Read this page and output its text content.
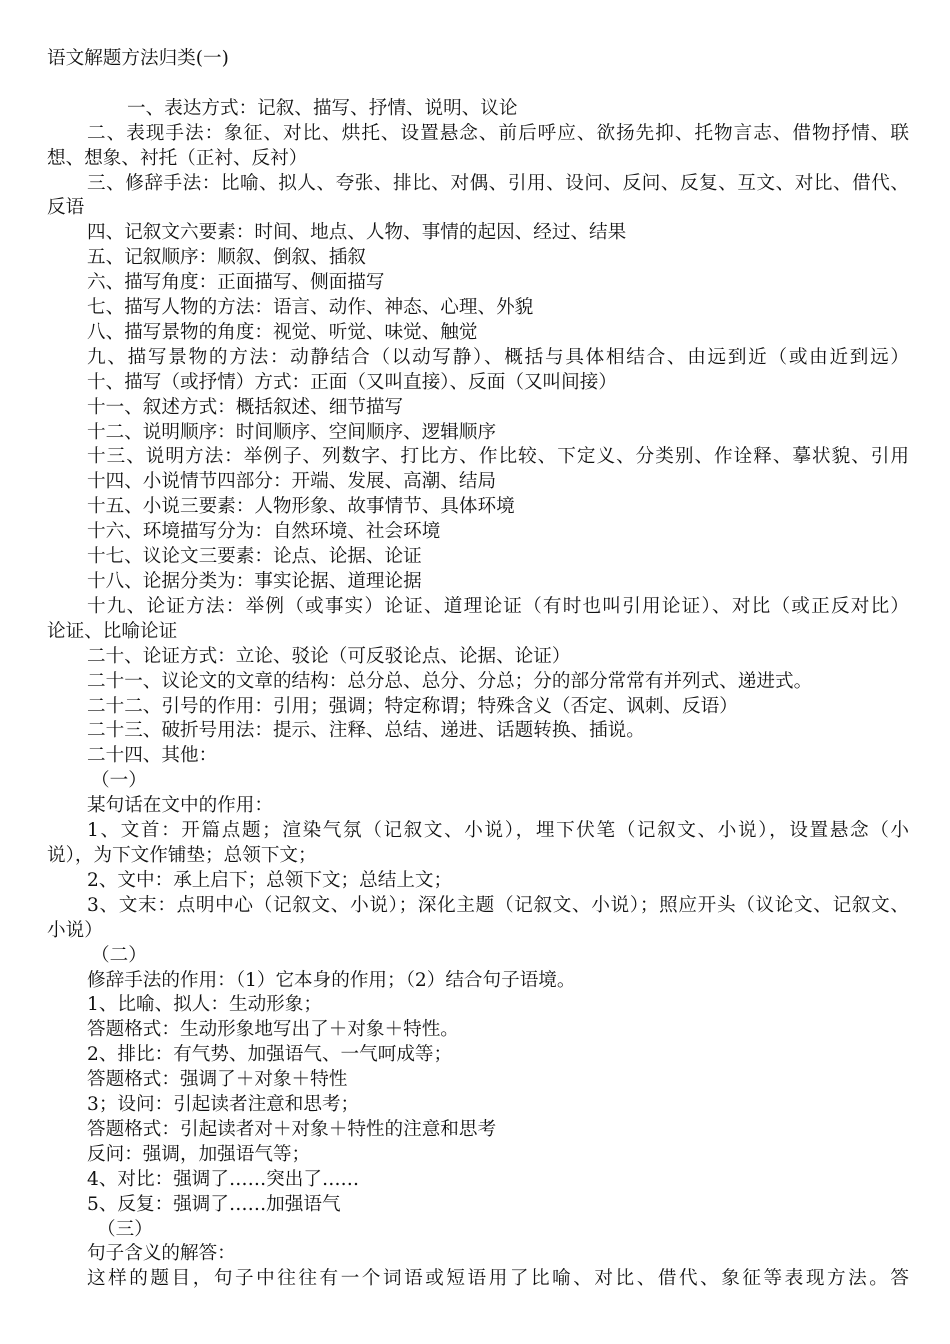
语文解题方法归类(一)
一、表达方式：记叙、描写、抒情、说明、议论
二、表现手法：象征、对比、烘托、设置悬念、前后呼应、欲扬先抑、托物言志、借物抒情、联
想、想象、衬托（正衬、反衬）
三、修辞手法：比喻、拟人、夸张、排比、对偶、引用、设问、反问、反复、互文、对比、借代、
反语
四、记叙文六要素：时间、地点、人物、事情的起因、经过、结果
五、记叙顺序：顺叙、倒叙、插叙
六、描写角度：正面描写、侧面描写
七、描写人物的方法：语言、动作、神态、心理、外貌
八、描写景物的角度：视觉、听觉、味觉、触觉
九、描写景物的方法：动静结合（以动写静）、概括与具体相结合、由远到近（或由近到远）
十、描写（或抒情）方式：正面（又叫直接）、反面（又叫间接）
十一、叙述方式：概括叙述、细节描写
十二、说明顺序：时间顺序、空间顺序、逻辑顺序
十三、说明方法：举例子、列数字、打比方、作比较、下定义、分类别、作诠释、摹状貌、引用
十四、小说情节四部分：开端、发展、高潮、结局
十五、小说三要素：人物形象、故事情节、具体环境
十六、环境描写分为：自然环境、社会环境
十七、议论文三要素：论点、论据、论证
十八、论据分类为：事实论据、道理论据
十九、论证方法：举例（或事实）论证、道理论证（有时也叫引用论证）、对比（或正反对比）
论证、比喻论证
二十、论证方式：立论、驳论（可反驳论点、论据、论证）
二十一、议论文的文章的结构：总分总、总分、分总；分的部分常常有并列式、递进式。
二十二、引号的作用：引用；强调；特定称谓；特殊含义（否定、讽刺、反语）
二十三、破折号用法：提示、注释、总结、递进、话题转换、插说。
二十四、其他：
（一）
某句话在文中的作用：
1、文首：开篇点题；渲染气氛（记叙文、小说），埋下伏笔（记叙文、小说），设置悬念（小
说），为下文作铺垫；总领下文；
2、文中：承上启下；总领下文；总结上文；
3、文末：点明中心（记叙文、小说）；深化主题（记叙文、小说）；照应开头（议论文、记叙文、
小说）
（二）
修辞手法的作用：（1）它本身的作用；（2）结合句子语境。
1、比喻、拟人：生动形象；
答题格式：生动形象地写出了＋对象＋特性。
2、排比：有气势、加强语气、一气呵成等；
答题格式：强调了＋对象＋特性
3；设问：引起读者注意和思考；
答题格式：引起读者对＋对象＋特性的注意和思考
反问：强调，加强语气等；
4、对比：强调了……突出了……
5、反复：强调了……加强语气
（三）
句子含义的解答：
这样的题目，句子中往往有一个词语或短语用了比喻、对比、借代、象征等表现方法。答
